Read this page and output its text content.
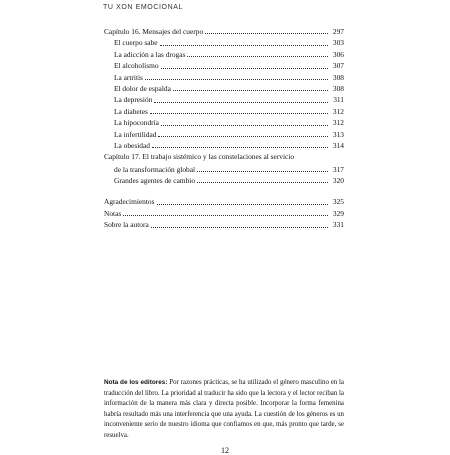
TU XON EMOCIONAL
Capítulo 16. Mensajes del cuerpo	297
El cuerpo sabe	303
La adicción a las drogas	306
El alcoholismo	307
La artritis	308
El dolor de espalda	308
La depresión	311
La diabetes	312
La hipocondría	312
La infertilidad	313
La obesidad	314
Capítulo 17. El trabajo sistémico y las constelaciones al servicio
de la transformación global	317
Grandes agentes de cambio	320
Agradecimientos	325
Notas	329
Sobre la autora	331
Nota de los editores: Por razones prácticas, se ha utilizado el género masculino en la traducción del libro. La prioridad al traducir ha sido que la lectora y el lector reciban la información de la manera más clara y directa posible. Incorporar la forma femenina habría resultado más una interferencia que una ayuda. La cuestión de los géneros es un inconveniente serio de nuestro idioma que confiamos en que, más pronto que tarde, se resuelva.
12
